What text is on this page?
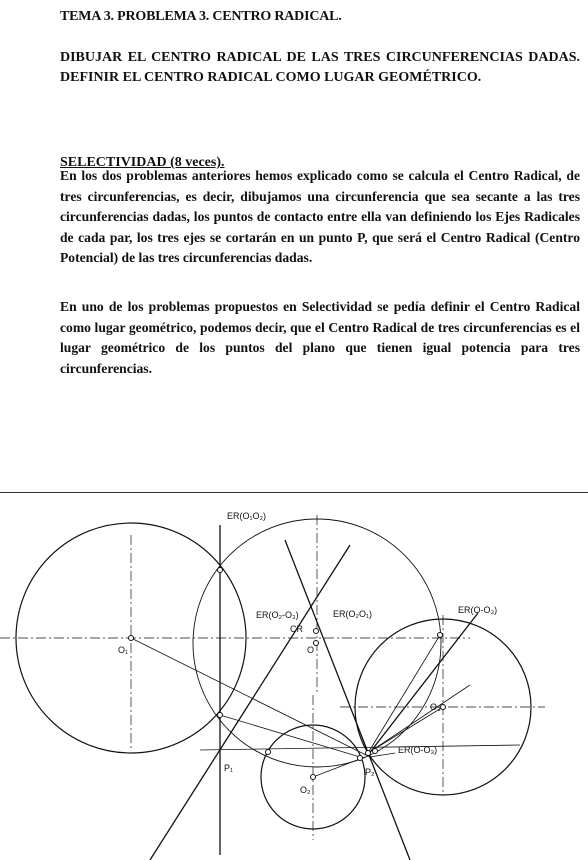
TEMA 3. PROBLEMA 3. CENTRO RADICAL.
DIBUJAR EL CENTRO RADICAL DE LAS TRES CIRCUNFERENCIAS DADAS. DEFINIR EL CENTRO RADICAL COMO LUGAR GEOMÉTRICO.
SELECTIVIDAD (8 veces).
En los dos problemas anteriores hemos explicado como se calcula el Centro Radical, de tres circunferencias, es decir, dibujamos una circunferencia que sea secante a las tres circunferencias dadas, los puntos de contacto entre ella van definiendo los Ejes Radicales de cada par, los tres ejes se cortarán en un punto P, que será el Centro Radical (Centro Potencial) de las tres circunferencias dadas.
En uno de los problemas propuestos en Selectividad se pedía definir el Centro Radical como lugar geométrico, podemos decir, que el Centro Radical de tres circunferencias es el lugar geométrico de los puntos del plano que tienen igual potencia para tres circunferencias.
ER(O₁O₂)
ER(O₂-O₃)	ER(O₂O₁)	ER(O-O₃)
ER(O-O₃)
CR
O₁
O₂
O₃
O
P₁	P₂
